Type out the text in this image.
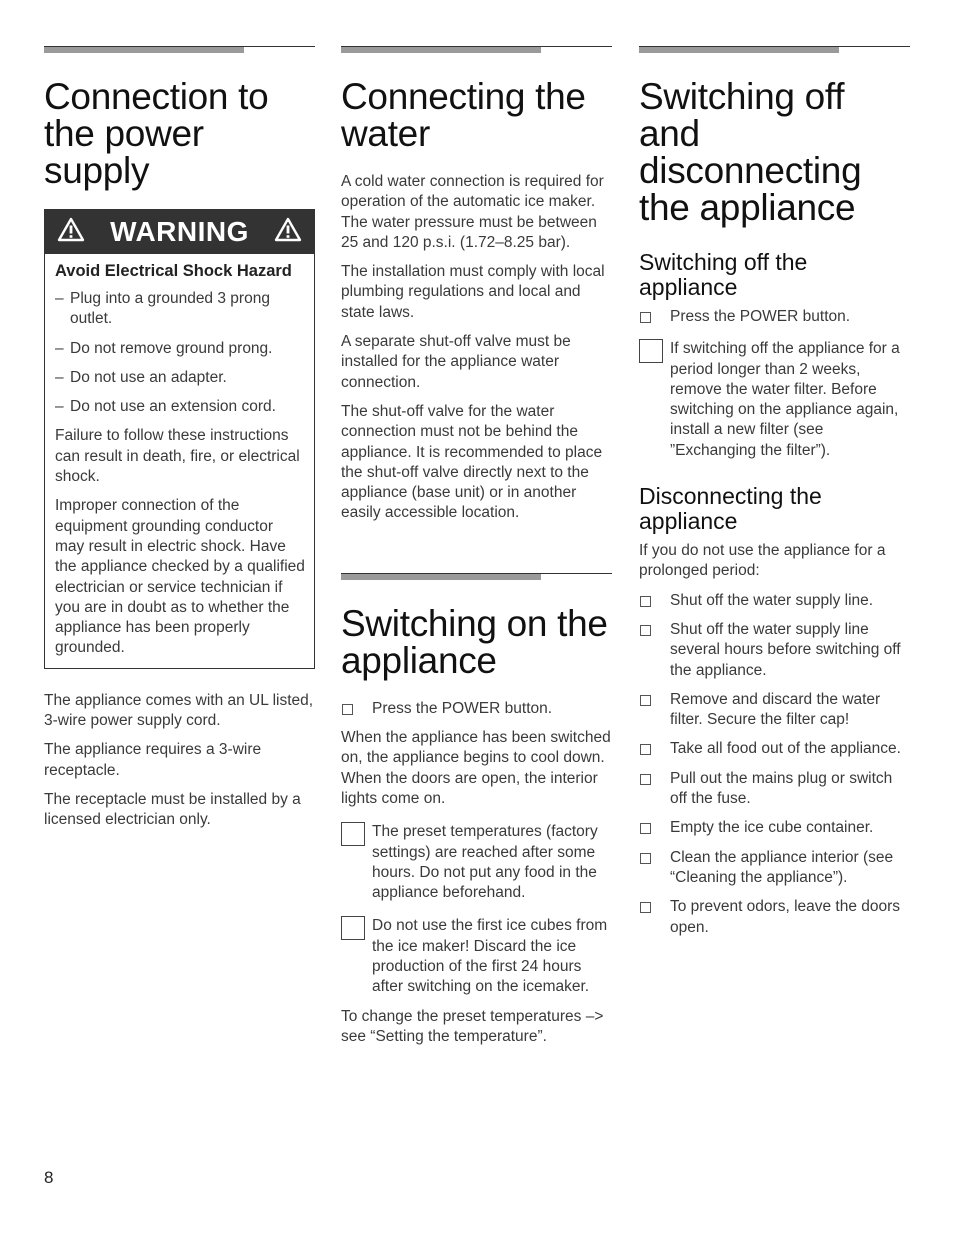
Connection to the power supply
WARNING
Avoid Electrical Shock Hazard
– Plug into a grounded 3 prong outlet.
– Do not remove ground prong.
– Do not use an adapter.
– Do not use an extension cord.

Failure to follow these instructions can result in death, fire, or electrical shock.

Improper connection of the equipment grounding conductor may result in electric shock. Have the appliance checked by a qualified electrician or service technician if you are in doubt as to whether the appliance has been properly grounded.

The appliance comes with an UL listed, 3-wire power supply cord.

The appliance requires a 3-wire receptacle.

The receptacle must be installed by a licensed electrician only.

Connecting the water

A cold water connection is required for operation of the automatic ice maker. The water pressure must be between 25 and 120 p.s.i. (1.72–8.25 bar).

The installation must comply with local plumbing regulations and local and state laws.

A separate shut-off valve must be installed for the appliance water connection.

The shut-off valve for the water connection must not be behind the appliance. It is recommended to place the shut-off valve directly next to the appliance (base unit) or in another easily accessible location.

Switching on the appliance
Press the POWER button.

When the appliance has been switched on, the appliance begins to cool down. When the doors are open, the interior lights come on.

The preset temperatures (factory settings) are reached after some hours. Do not put any food in the appliance beforehand.

Do not use the first ice cubes from the ice maker! Discard the ice production of the first 24 hours after switching on the icemaker.

To change the preset temperatures –> see “Setting the temperature”.

Switching off and disconnecting the appliance
Switching off the appliance
Press the POWER button.

If switching off the appliance for a period longer than 2 weeks, remove the water filter. Before switching on the appliance again, install a new filter (see ”Exchanging the filter”).

Disconnecting the appliance

If you do not use the appliance for a prolonged period:

Shut off the water supply line.
Shut off the water supply line several hours before switching off the appliance.
Remove and discard the water filter. Secure the filter cap!
Take all food out of the appliance.
Pull out the mains plug or switch off the fuse.
Empty the ice cube container.
Clean the appliance interior (see “Cleaning the appliance”).
To prevent odors, leave the doors open.
8
